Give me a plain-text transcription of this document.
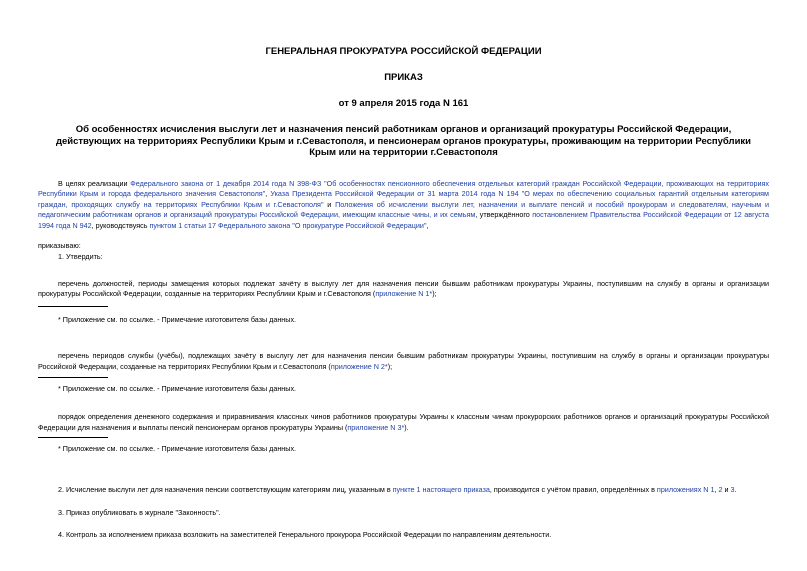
ГЕНЕРАЛЬНАЯ ПРОКУРАТУРА РОССИЙСКОЙ ФЕДЕРАЦИИ
ПРИКАЗ
от 9 апреля 2015 года N 161
Об особенностях исчисления выслуги лет и назначения пенсий работникам органов и организаций прокуратуры Российской Федерации, действующих на территориях Республики Крым и г.Севастополя, и пенсионерам органов прокуратуры, проживающим на территории Республики Крым или на территории г.Севастополя

В целях реализации Федерального закона от 1 декабря 2014 года N 398-ФЗ "Об особенностях пенсионного обеспечения отдельных категорий граждан Российской Федерации, проживающих на территориях Республики Крым и города федерального значения Севастополя", Указа Президента Российской Федерации от 31 марта 2014 года N 194 "О мерах по обеспечению социальных гарантий отдельным категориям граждан, проходящих службу на территориях Республики Крым и г.Севастополя" и Положения об исчислении выслуги лет, назначении и выплате пенсий и пособий прокурорам и следователям, научным и педагогическим работникам органов и организаций прокуратуры Российской Федерации, имеющим классные чины, и их семьям, утверждённого постановлением Правительства Российской Федерации от 12 августа 1994 года N 942, руководствуясь пунктом 1 статьи 17 Федерального закона "О прокуратуре Российской Федерации",

приказываю:

1. Утвердить:

перечень должностей, периоды замещения которых подлежат зачёту в выслугу лет для назначения пенсии бывшим работникам прокуратуры Украины, поступившим на службу в органы и организации прокуратуры Российской Федерации, созданные на территориях Республики Крым и г.Севастополя (приложение N 1*);

* Приложение см. по ссылке. - Примечание изготовителя базы данных.

перечень периодов службы (учёбы), подлежащих зачёту в выслугу лет для назначения пенсии бывшим работникам прокуратуры Украины, поступившим на службу в органы и организации прокуратуры Российской Федерации, созданные на территориях Республики Крым и г.Севастополя (приложение N 2*);

* Приложение см. по ссылке. - Примечание изготовителя базы данных.

порядок определения денежного содержания и приравнивания классных чинов работников прокуратуры Украины к классным чинам прокурорских работников органов и организаций прокуратуры Российской Федерации для назначения и выплаты пенсий пенсионерам органов прокуратуры Украины (приложение N 3*).

* Приложение см. по ссылке. - Примечание изготовителя базы данных.

2. Исчисление выслуги лет для назначения пенсии соответствующим категориям лиц, указанным в пункте 1 настоящего приказа, производится с учётом правил, определённых в приложениях N 1, 2 и 3.

3. Приказ опубликовать в журнале "Законность".

4. Контроль за исполнением приказа возложить на заместителей Генерального прокурора Российской Федерации по направлениям деятельности.
